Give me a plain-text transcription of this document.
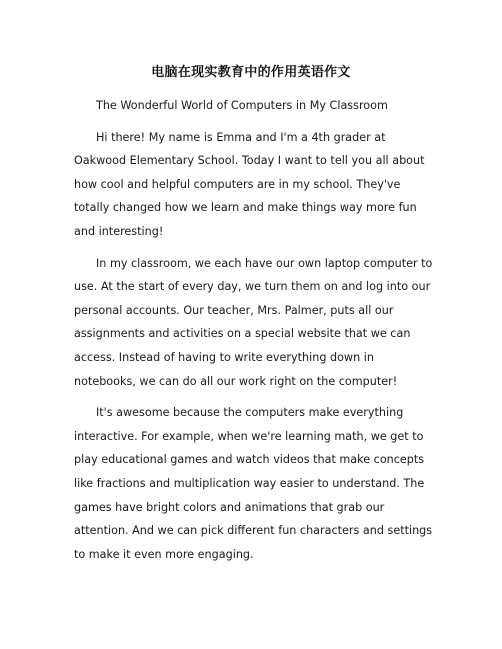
电脑在现实教育中的作用英语作文

The Wonderful World of Computers in My Classroom

Hi there! My name is Emma and I'm a 4th grader at Oakwood Elementary School. Today I want to tell you all about how cool and helpful computers are in my school. They've totally changed how we learn and make things way more fun and interesting!

In my classroom, we each have our own laptop computer to use. At the start of every day, we turn them on and log into our personal accounts. Our teacher, Mrs. Palmer, puts all our assignments and activities on a special website that we can access. Instead of having to write everything down in notebooks, we can do all our work right on the computer!

It's awesome because the computers make everything interactive. For example, when we're learning math, we get to play educational games and watch videos that make concepts like fractions and multiplication way easier to understand. The games have bright colors and animations that grab our attention. And we can pick different fun characters and settings to make it even more engaging.
